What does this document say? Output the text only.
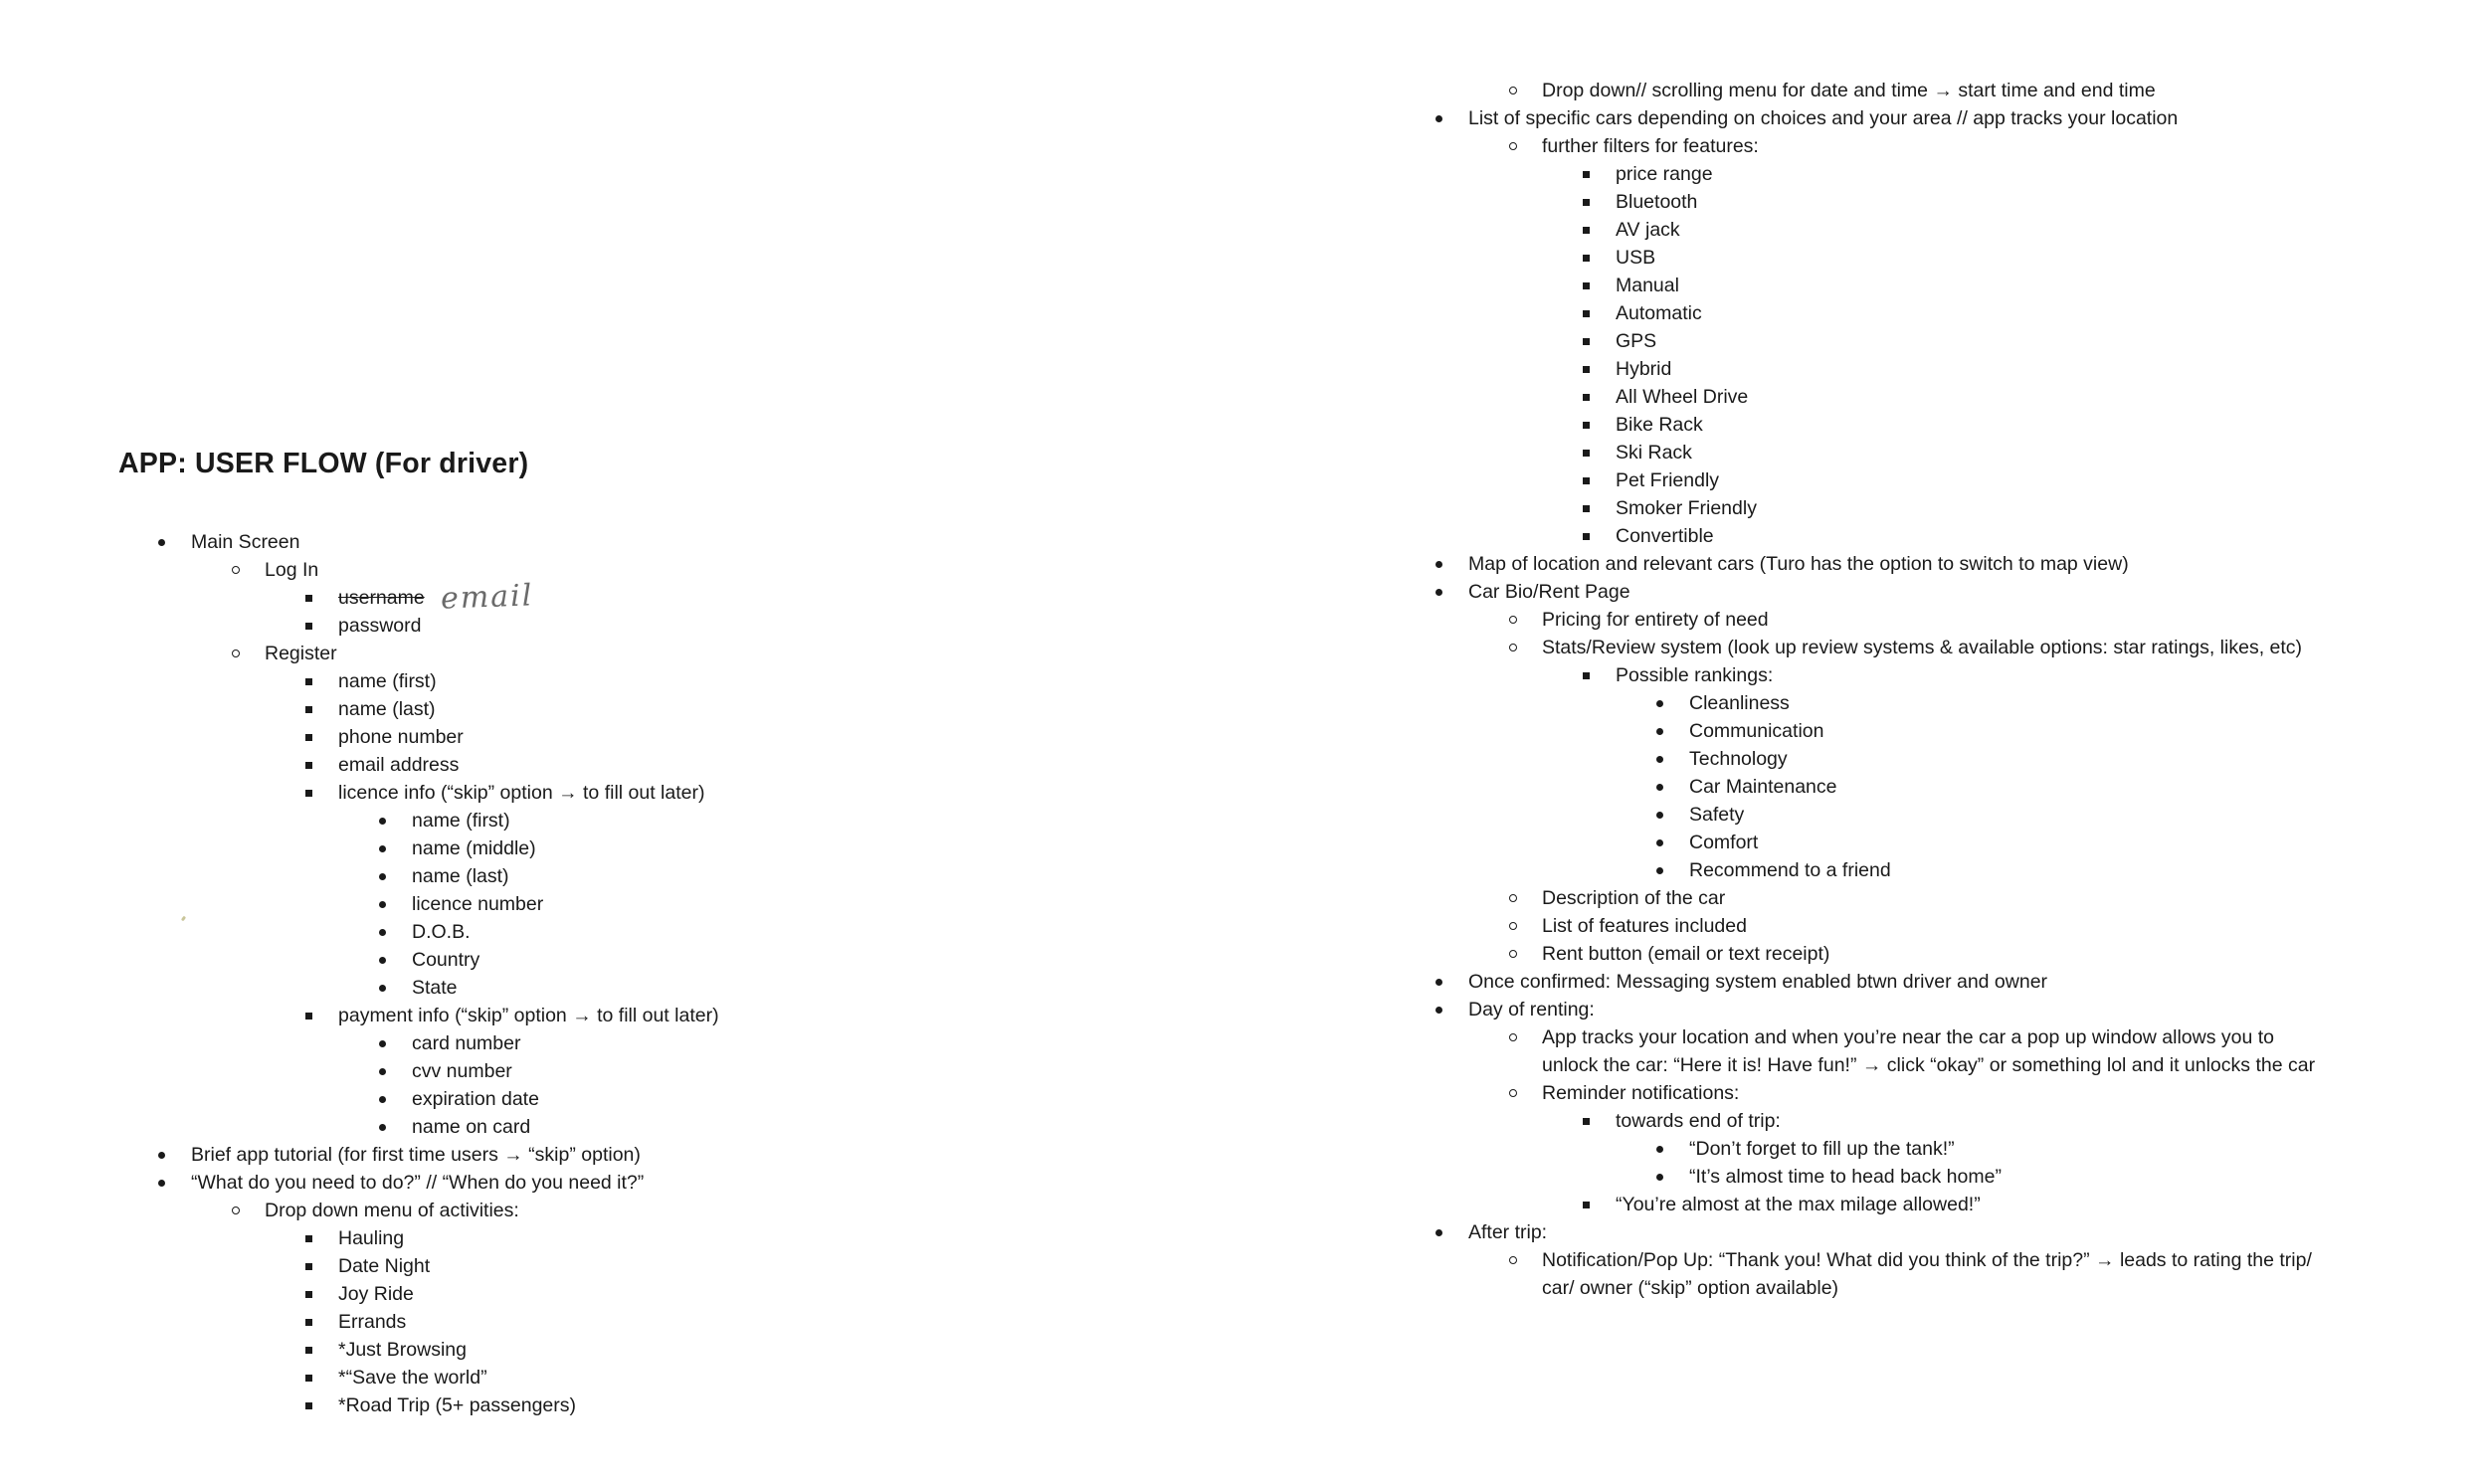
APP: USER FLOW (For driver)
Main Screen
Log In
username email
password
Register
name (first)
name (last)
phone number
email address
licence info (“skip” option → to fill out later)
name (first)
name (middle)
name (last)
licence number
D.O.B.
Country
State
payment info (“skip” option → to fill out later)
card number
cvv number
expiration date
name on card
Brief app tutorial (for first time users → “skip” option)
“What do you need to do?” // “When do you need it?”
Drop down menu of activities:
Hauling
Date Night
Joy Ride
Errands
*Just Browsing
*“Save the world”
*Road Trip (5+ passengers)
Drop down// scrolling menu for date and time → start time and end time
List of specific cars depending on choices and your area // app tracks your location
further filters for features:
price range
Bluetooth
AV jack
USB
Manual
Automatic
GPS
Hybrid
All Wheel Drive
Bike Rack
Ski Rack
Pet Friendly
Smoker Friendly
Convertible
Map of location and relevant cars (Turo has the option to switch to map view)
Car Bio/Rent Page
Pricing for entirety of need
Stats/Review system (look up review systems & available options: star ratings, likes, etc)
Possible rankings:
Cleanliness
Communication
Technology
Car Maintenance
Safety
Comfort
Recommend to a friend
Description of the car
List of features included
Rent button (email or text receipt)
Once confirmed: Messaging system enabled btwn driver and owner
Day of renting:
App tracks your location and when you’re near the car a pop up window allows you to
unlock the car: “Here it is! Have fun!” → click “okay” or something lol and it unlocks the car
Reminder notifications:
towards end of trip:
“Don’t forget to fill up the tank!”
“It’s almost time to head back home”
“You’re almost at the max milage allowed!”
After trip:
Notification/Pop Up: “Thank you! What did you think of the trip?” → leads to rating the trip/
car/ owner (“skip” option available)
